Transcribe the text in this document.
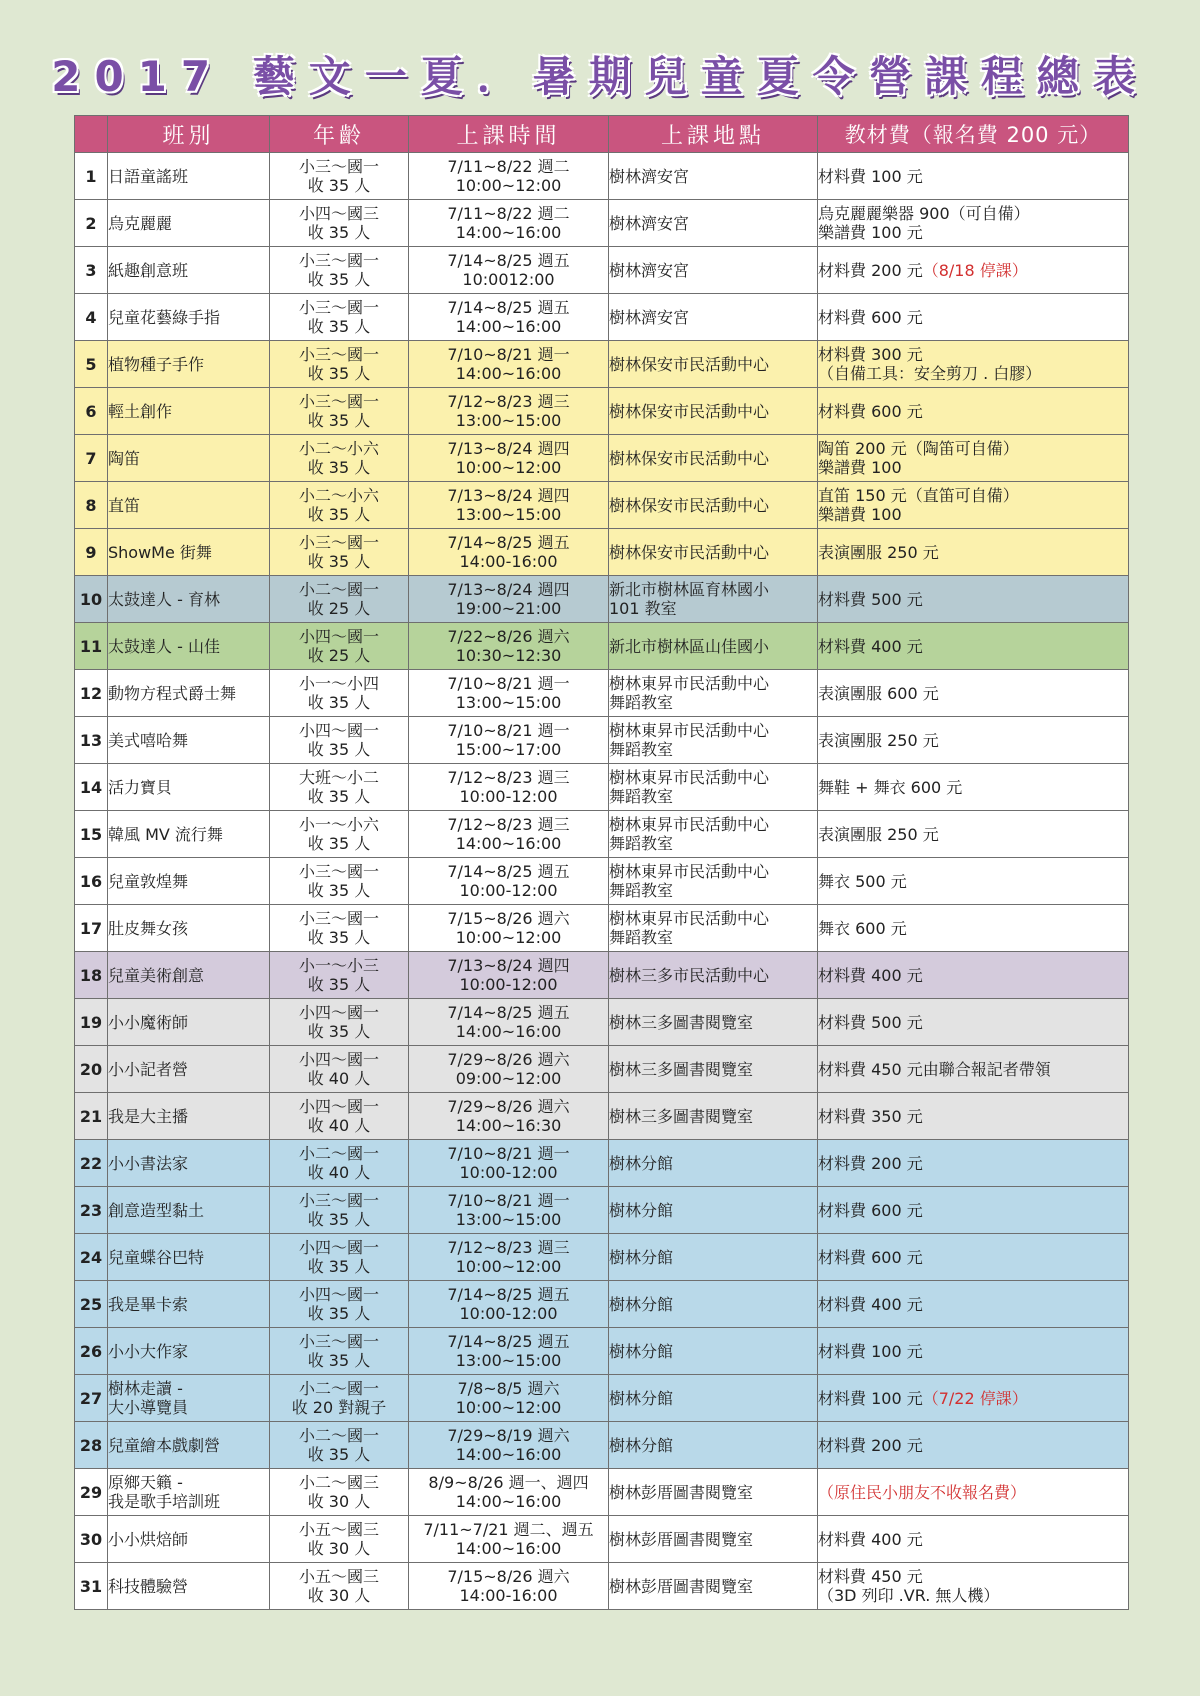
2017 藝文一夏．暑期兒童夏令營課程總表
	班別	年齡	上課時間	上課地點	教材費（報名費 200 元）
1	日語童謠班	小三～國一
收 35 人	7/11~8/22 週二
10:00~12:00	樹林濟安宮	材料費 100 元

2	烏克麗麗	小四～國三
收 35 人	7/11~8/22 週二
14:00~16:00	樹林濟安宮	烏克麗麗樂器 900（可自備）
樂譜費 100 元

3	紙趣創意班	小三～國一
收 35 人	7/14~8/25 週五
10:0012:00	樹林濟安宮	材料費 200 元（8/18 停課）

4	兒童花藝綠手指	小三～國一
收 35 人	7/14~8/25 週五
14:00~16:00	樹林濟安宮	材料費 600 元

5	植物種子手作	小三～國一
收 35 人	7/10~8/21 週一
14:00~16:00	樹林保安市民活動中心	材料費 300 元
（自備工具：安全剪刀 . 白膠）

6	輕土創作	小三～國一
收 35 人	7/12~8/23 週三
13:00~15:00	樹林保安市民活動中心	材料費 600 元

7	陶笛	小二～小六
收 35 人	7/13~8/24 週四
10:00~12:00	樹林保安市民活動中心	陶笛 200 元（陶笛可自備）
樂譜費 100

8	直笛	小二～小六
收 35 人	7/13~8/24 週四
13:00~15:00	樹林保安市民活動中心	直笛 150 元（直笛可自備）
樂譜費 100

9	ShowMe 街舞	小三～國一
收 35 人	7/14~8/25 週五
14:00-16:00	樹林保安市民活動中心	表演團服 250 元

10	太鼓達人 - 育林	小二～國一
收 25 人	7/13~8/24 週四
19:00~21:00	新北市樹林區育林國小
101 教室	材料費 500 元

11	太鼓達人 - 山佳	小四～國一
收 25 人	7/22~8/26 週六
10:30~12:30	新北市樹林區山佳國小	材料費 400 元

12	動物方程式爵士舞	小一～小四
收 35 人	7/10~8/21 週一
13:00~15:00	樹林東昇市民活動中心
舞蹈教室	表演團服 600 元

13	美式嘻哈舞	小四～國一
收 35 人	7/10~8/21 週一
15:00~17:00	樹林東昇市民活動中心
舞蹈教室	表演團服 250 元

14	活力寶貝	大班～小二
收 35 人	7/12~8/23 週三
10:00-12:00	樹林東昇市民活動中心
舞蹈教室	舞鞋 + 舞衣 600 元

15	韓風 MV 流行舞	小一～小六
收 35 人	7/12~8/23 週三
14:00~16:00	樹林東昇市民活動中心
舞蹈教室	表演團服 250 元

16	兒童敦煌舞	小三～國一
收 35 人	7/14~8/25 週五
10:00-12:00	樹林東昇市民活動中心
舞蹈教室	舞衣 500 元

17	肚皮舞女孩	小三～國一
收 35 人	7/15~8/26 週六
10:00~12:00	樹林東昇市民活動中心
舞蹈教室	舞衣 600 元

18	兒童美術創意	小一～小三
收 35 人	7/13~8/24 週四
10:00-12:00	樹林三多市民活動中心	材料費 400 元

19	小小魔術師	小四～國一
收 35 人	7/14~8/25 週五
14:00~16:00	樹林三多圖書閱覽室	材料費 500 元

20	小小記者營	小四～國一
收 40 人	7/29~8/26 週六
09:00~12:00	樹林三多圖書閱覽室	材料費 450 元由聯合報記者帶領

21	我是大主播	小四～國一
收 40 人	7/29~8/26 週六
14:00~16:30	樹林三多圖書閱覽室	材料費 350 元

22	小小書法家	小二～國一
收 40 人	7/10~8/21 週一
10:00-12:00	樹林分館	材料費 200 元

23	創意造型黏土	小三～國一
收 35 人	7/10~8/21 週一
13:00~15:00	樹林分館	材料費 600 元

24	兒童蝶谷巴特	小四～國一
收 35 人	7/12~8/23 週三
10:00~12:00	樹林分館	材料費 600 元

25	我是畢卡索	小四～國一
收 35 人	7/14~8/25 週五
10:00-12:00	樹林分館	材料費 400 元

26	小小大作家	小三～國一
收 35 人	7/14~8/25 週五
13:00~15:00	樹林分館	材料費 100 元

27	樹林走讀 -
大小導覽員	小二～國一
收 20 對親子	7/8~8/5 週六
10:00~12:00	樹林分館	材料費 100 元（7/22 停課）

28	兒童繪本戲劇營	小二～國一
收 35 人	7/29~8/19 週六
14:00~16:00	樹林分館	材料費 200 元

29	原鄉天籟 -
我是歌手培訓班	小二～國三
收 30 人	8/9~8/26 週一、週四
14:00~16:00	樹林彭厝圖書閱覽室	（原住民小朋友不收報名費）

30	小小烘焙師	小五～國三
收 30 人	7/11~7/21 週二、週五
14:00~16:00	樹林彭厝圖書閱覽室	材料費 400 元

31	科技體驗營	小五～國三
收 30 人	7/15~8/26 週六
14:00-16:00	樹林彭厝圖書閱覽室	材料費 450 元
（3D 列印 .VR. 無人機）
